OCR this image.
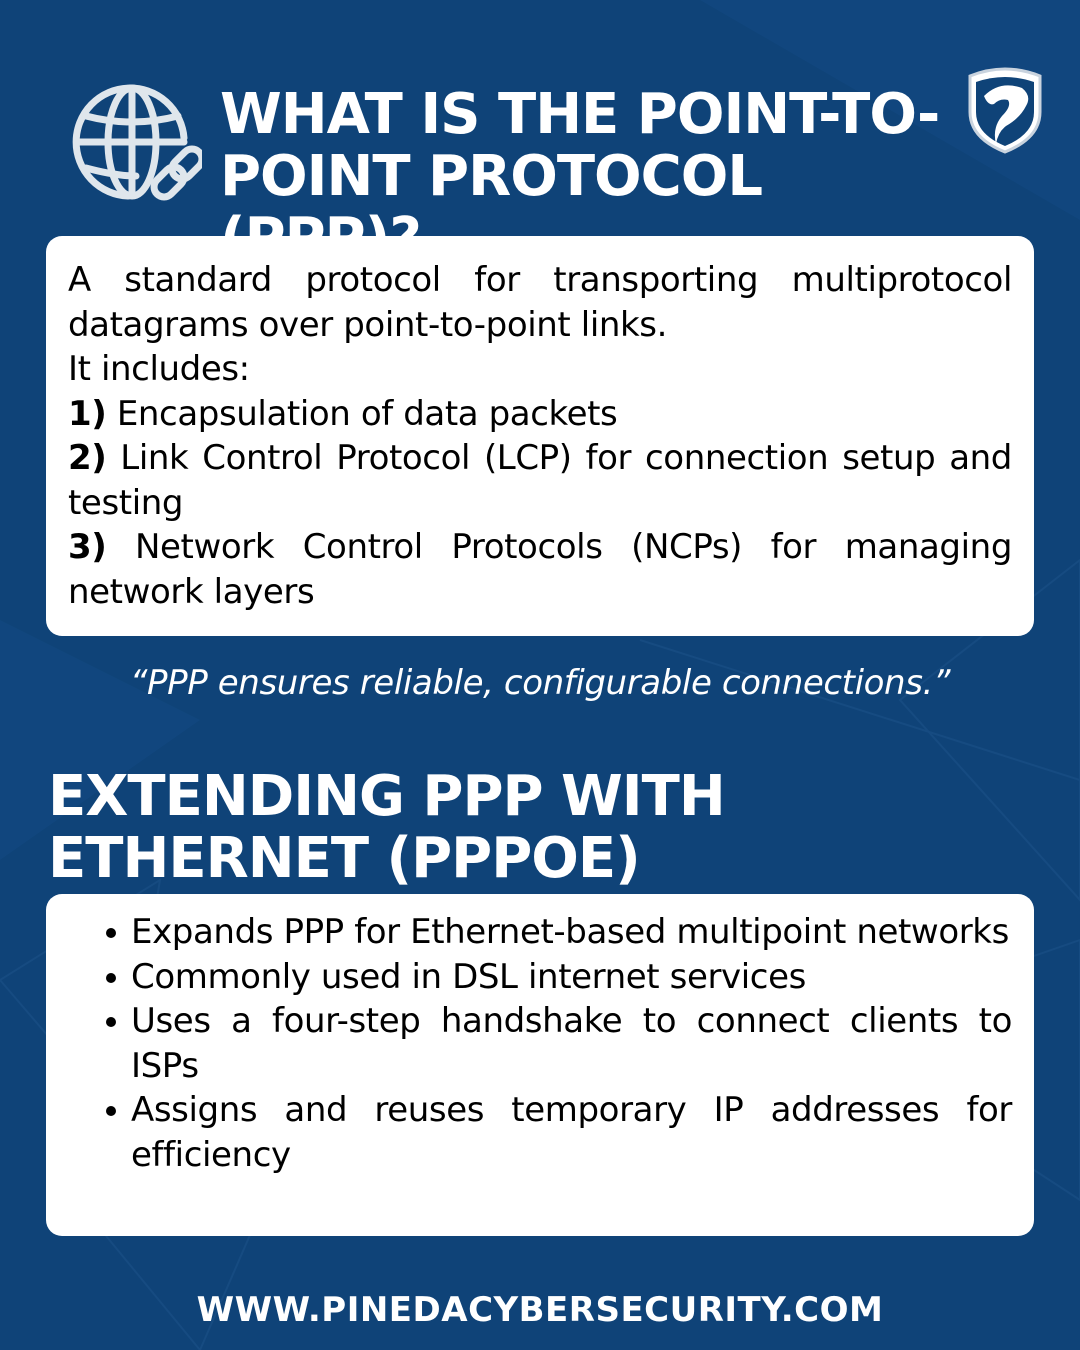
WHAT IS THE POINT-TO-POINT PROTOCOL

A standard protocol for transporting multiprotocol datagrams over point-to-point links.
It includes:
1) Encapsulation of data packets
2) Link Control Protocol (LCP) for connection setup and testing
3) Network Control Protocols (NCPs) for managing network layers

“PPP ensures reliable, configurable connections.”
EXTENDING PPP WITH ETHERNET (PPPOE)
Expands PPP for Ethernet-based multipoint networks
Commonly used in DSL internet services
Uses a four-step handshake to connect clients to ISPs
Assigns and reuses temporary IP addresses for efficiency
WWW.PINEDACYBERSECURITY.COM
